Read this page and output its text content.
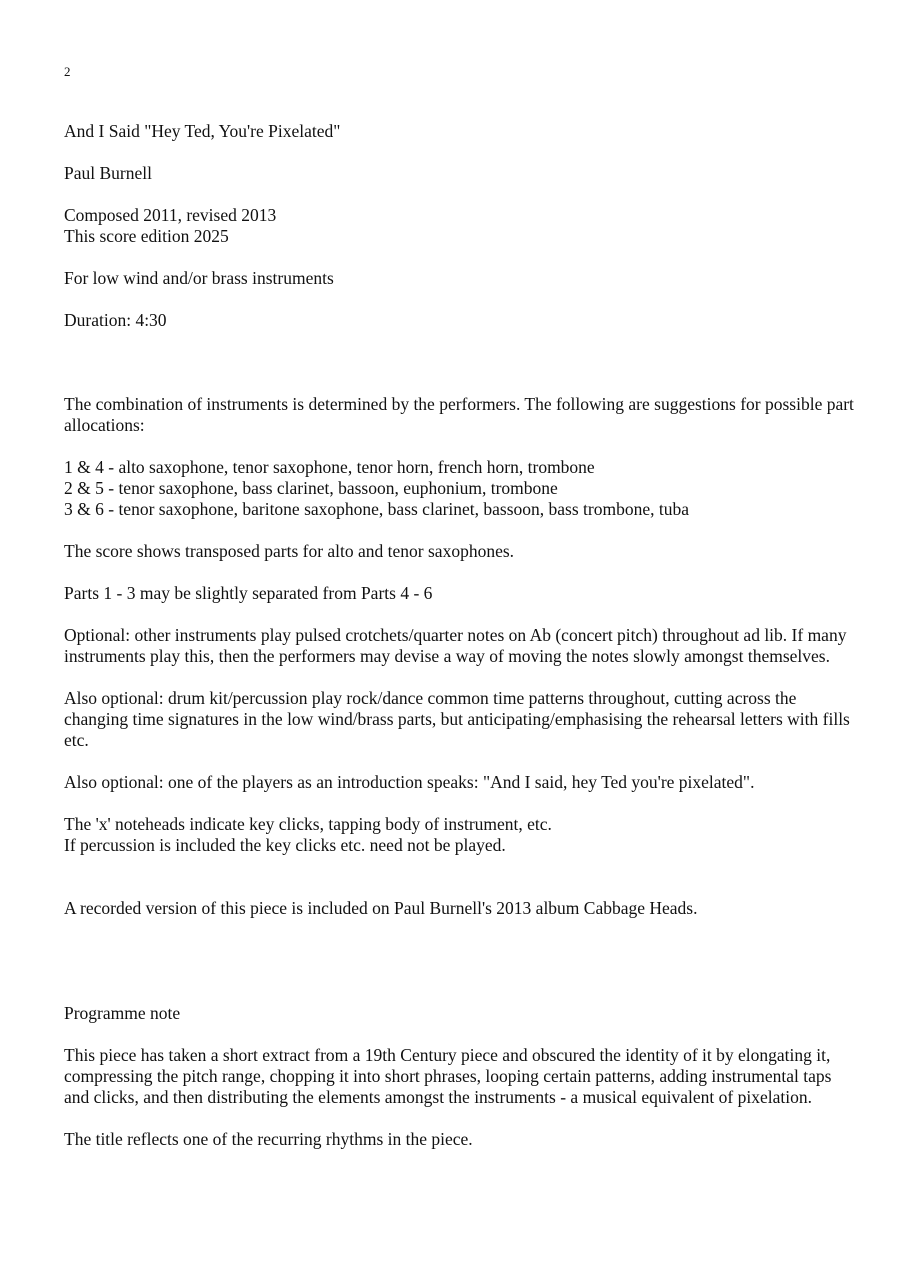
2

And I Said "Hey Ted, You're Pixelated"

Paul Burnell

Composed 2011, revised 2013

This score edition 2025

For low wind and/or brass instruments

Duration: 4:30

The combination of instruments is determined by the performers. The following are suggestions for possible part allocations:

1 & 4 - alto saxophone, tenor saxophone, tenor horn, french horn, trombone

2 & 5 - tenor saxophone, bass clarinet, bassoon, euphonium, trombone

3 & 6 - tenor saxophone, baritone saxophone, bass clarinet, bassoon, bass trombone, tuba

The score shows transposed parts for alto and tenor saxophones.

Parts 1 - 3 may be slightly separated from Parts 4 - 6

Optional: other instruments play pulsed crotchets/quarter notes on Ab (concert pitch) throughout ad lib. If many instruments play this, then the performers may devise a way of moving the notes slowly amongst themselves.

Also optional: drum kit/percussion play rock/dance common time patterns throughout, cutting across the changing time signatures in the low wind/brass parts, but anticipating/emphasising the rehearsal letters with fills etc.

Also optional: one of the players as an introduction speaks: "And I said, hey Ted you're pixelated".

The 'x' noteheads indicate key clicks, tapping body of instrument, etc.

If percussion is included the key clicks etc. need not be played.

A recorded version of this piece is included on Paul Burnell's 2013 album Cabbage Heads.

Programme note

This piece has taken a short extract from a 19th Century piece and obscured the identity of it by elongating it, compressing the pitch range, chopping it into short phrases, looping certain patterns, adding instrumental taps and clicks, and then distributing the elements amongst the instruments - a musical equivalent of pixelation.

The title reflects one of the recurring rhythms in the piece.
